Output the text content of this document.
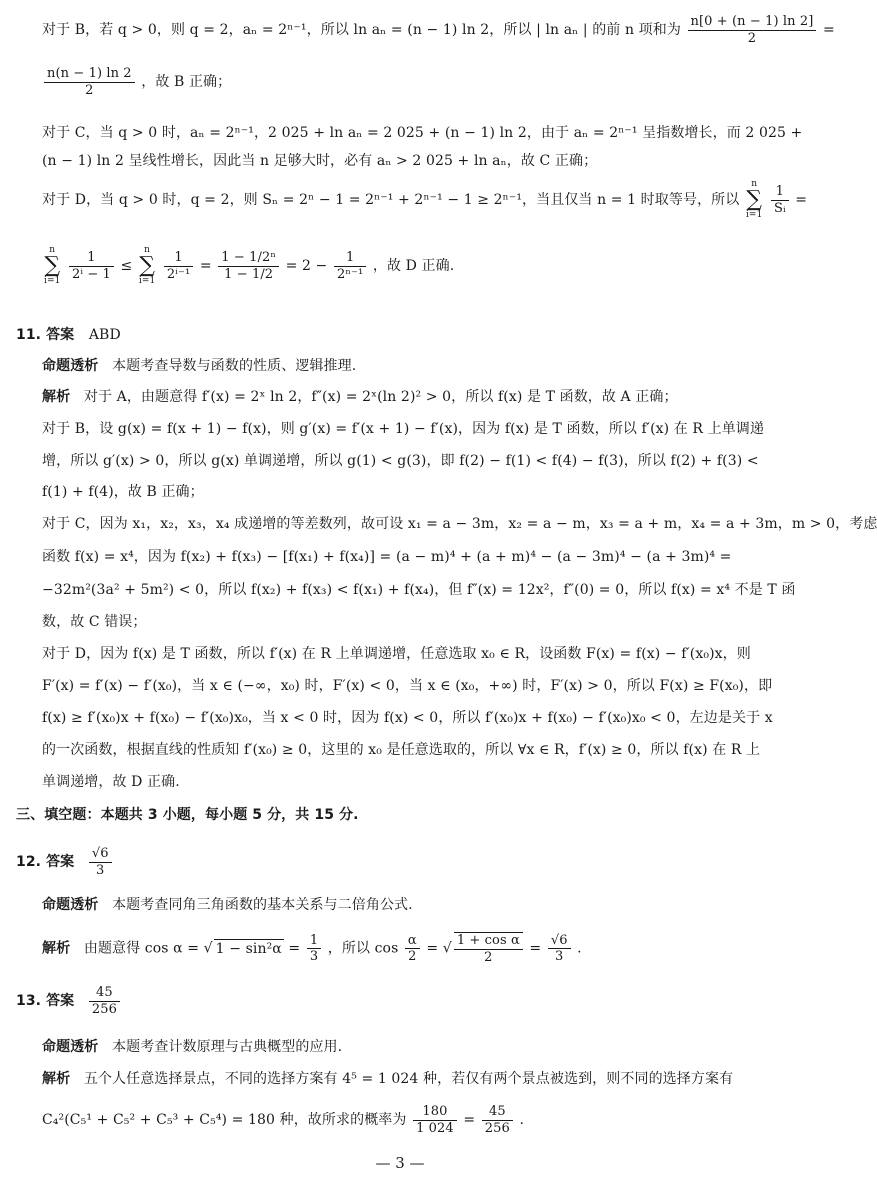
对于 B，若 q > 0，则 q = 2，aₙ = 2ⁿ⁻¹，所以 ln aₙ = (n − 1) ln 2，所以 | ln aₙ | 的前 n 项和为 $\frac{n[0 + (n - 1) \ln 2]}{2}$ =
$\frac{n(n - 1) \ln 2}{2}$ ，故 B 正确；
对于 C，当 q > 0 时，aₙ = 2ⁿ⁻¹，2 025 + ln aₙ = 2 025 + (n − 1) ln 2，由于 aₙ = 2ⁿ⁻¹ 呈指数增长，而 2 025 +
(n − 1) ln 2 呈线性增长，因此当 n 足够大时，必有 aₙ > 2 025 + ln aₙ，故 C 正确；
对于 D，当 q > 0 时，q = 2，则 Sₙ = 2ⁿ − 1 = 2ⁿ⁻¹ + 2ⁿ⁻¹ − 1 ≥ 2ⁿ⁻¹，当且仅当 n = 1 时取等号，所以
n
∑
i=1
$\frac{1}{\text{Sᵢ}}$ =
n
∑
i=1
$\frac{1}{\text{2ⁱ − 1}}$ ≤
n
∑
i=1
$\frac{1}{\text{2ⁱ⁻¹}} = \frac{\text{1 − 1/2ⁿ}}{1 - 1/2} = 2 - \frac{1}{\text{2ⁿ⁻¹}}$ ，故 D 正确.
11. 答案 ABD
命题透析 本题考查导数与函数的性质、逻辑推理.
解析 对于 A，由题意得 f′(x) = 2ˣ ln 2，f″(x) = 2ˣ(ln 2)² > 0，所以 f(x) 是 T 函数，故 A 正确；
对于 B，设 g(x) = f(x + 1) − f(x)，则 g′(x) = f′(x + 1) − f′(x)，因为 f(x) 是 T 函数，所以 f′(x) 在 R 上单调递
增，所以 g′(x) > 0，所以 g(x) 单调递增，所以 g(1) < g(3)，即 f(2) − f(1) < f(4) − f(3)，所以 f(2) + f(3) <
f(1) + f(4)，故 B 正确；
对于 C，因为 x₁，x₂，x₃，x₄ 成递增的等差数列，故可设 x₁ = a − 3m，x₂ = a − m，x₃ = a + m，x₄ = a + 3m，m > 0，考虑
函数 f(x) = x⁴，因为 f(x₂) + f(x₃) − [f(x₁) + f(x₄)] = (a − m)⁴ + (a + m)⁴ − (a − 3m)⁴ − (a + 3m)⁴ =
−32m²(3a² + 5m²) < 0，所以 f(x₂) + f(x₃) < f(x₁) + f(x₄)，但 f″(x) = 12x²，f″(0) = 0，所以 f(x) = x⁴ 不是 T 函
数，故 C 错误；
对于 D，因为 f(x) 是 T 函数，所以 f′(x) 在 R 上单调递增，任意选取 x₀ ∈ R，设函数 F(x) = f(x) − f′(x₀)x，则
F′(x) = f′(x) − f′(x₀)，当 x ∈ (−∞，x₀) 时，F′(x) < 0，当 x ∈ (x₀，+∞) 时，F′(x) > 0，所以 F(x) ≥ F(x₀)，即
f(x) ≥ f′(x₀)x + f(x₀) − f′(x₀)x₀，当 x < 0 时，因为 f(x) < 0，所以 f′(x₀)x + f(x₀) − f′(x₀)x₀ < 0，左边是关于 x
的一次函数，根据直线的性质知 f′(x₀) ≥ 0，这里的 x₀ 是任意选取的，所以 ∀x ∈ R，f′(x) ≥ 0，所以 f(x) 在 R 上
单调递增，故 D 正确.
三、填空题：本题共 3 小题，每小题 5 分，共 15 分.
12. 答案 $\frac{√6}{3}$
命题透析 本题考查同角三角函数的基本关系与二倍角公式.
解析 由题意得 cos α = √ $1 - \sin^2\alpha = \frac{1}{3}$ ，所以 $\cos \frac{\alpha}{2}$ = √ $\frac{\text{1 + cos α}}{2} = \frac{√6}{3}$ .
13. 答案 $\frac{45}{256}$
命题透析 本题考查计数原理与古典概型的应用.
解析 五个人任意选择景点，不同的选择方案有 4⁵ = 1 024 种，若仅有两个景点被选到，则不同的选择方案有
C₄²(C₅¹ + C₅² + C₅³ + C₅⁴) = 180 种，故所求的概率为 $\frac{180}{1 024} = \frac{45}{256}$ .
— 3 —
